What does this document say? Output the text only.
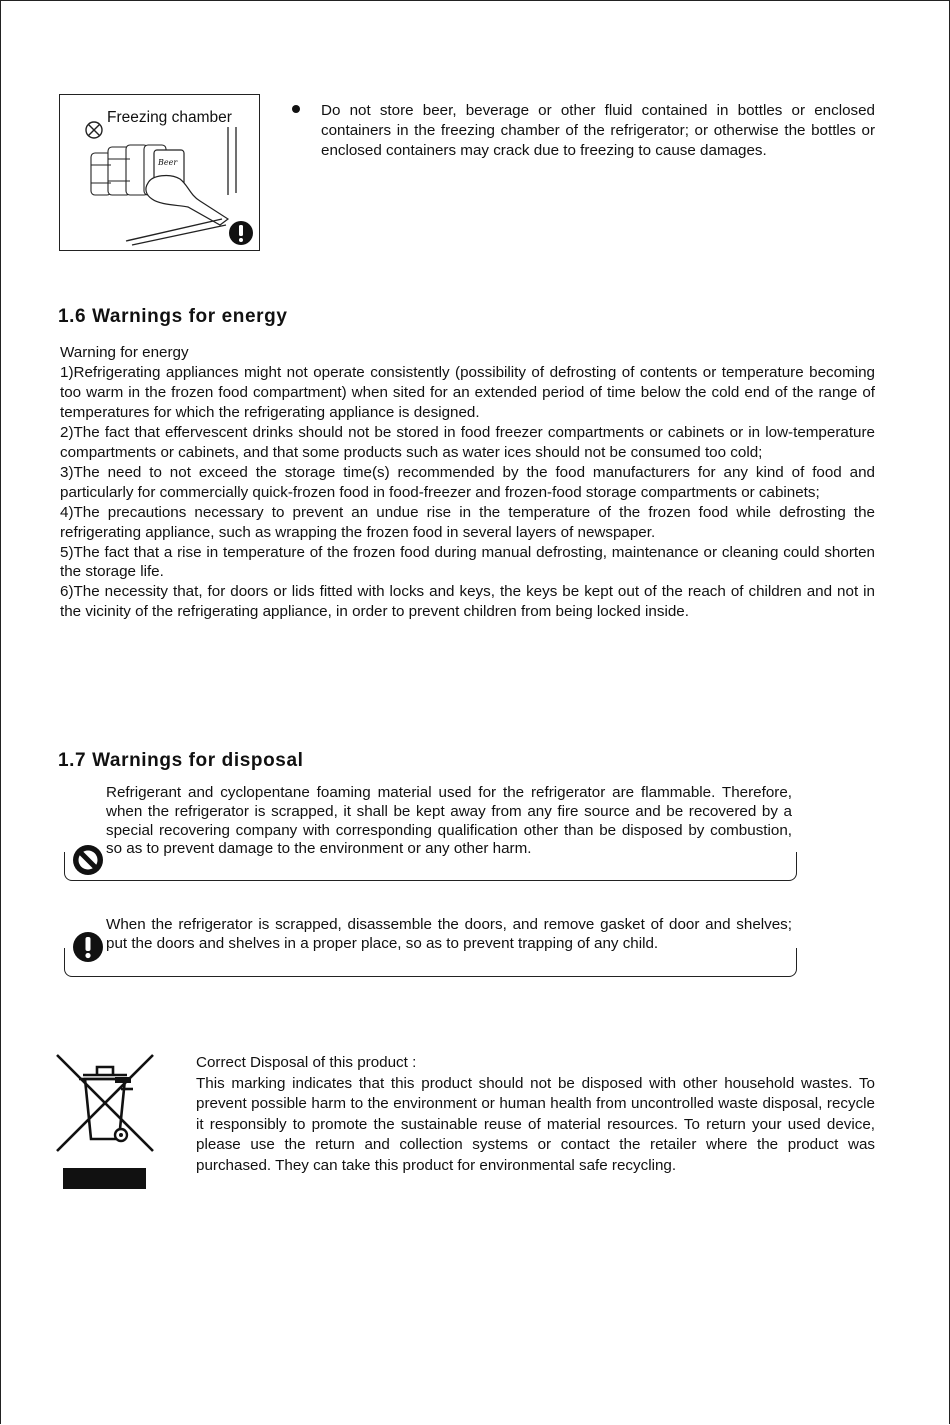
Freezing chamber
Beer

Do not store beer, beverage or other fluid contained in bottles or enclosed containers in the freezing chamber of the refrigerator; or otherwise the bottles or enclosed containers may crack due to freezing to cause damages.

1.6 Warnings for energy

Warning for energy

1)Refrigerating appliances might not operate consistently (possibility of defrosting of contents or temperature becoming too warm in the frozen food compartment) when sited for an extended period of time below the cold end of the range of temperatures for which the refrigerating appliance is designed.

2)The fact that effervescent drinks should not be stored in food freezer compartments or cabinets or in low-temperature compartments or cabinets, and that some products such as water ices should not be consumed too cold;

3)The need to not exceed the storage time(s) recommended by the food manufacturers for any kind of food and particularly for commercially quick-frozen food in food-freezer and frozen-food storage compartments or cabinets;

4)The precautions necessary to prevent an undue rise in the temperature of the frozen food while defrosting the refrigerating appliance, such as wrapping the frozen food in several layers of newspaper.

5)The fact that a rise in temperature of the frozen food during manual defrosting, maintenance or cleaning could shorten the storage life.

6)The necessity that, for doors or lids fitted with locks and keys, the keys be kept out of the reach of children and not in the vicinity of the refrigerating appliance, in order to prevent children from being locked inside.

1.7 Warnings for disposal

Refrigerant and cyclopentane foaming material used for the refrigerator are flammable. Therefore, when the refrigerator is scrapped, it shall be kept away from any fire source and be recovered by a special recovering company with corresponding qualification other than be disposed by combustion, so as to prevent damage to the environment or any other harm.

When the refrigerator is scrapped, disassemble the doors, and remove gasket of door and shelves; put the doors and shelves in a proper place, so as to prevent trapping of any child.

Correct Disposal of this product :

This marking indicates that this product should not be disposed with other household wastes. To prevent possible harm to the environment or human health from uncontrolled waste disposal, recycle it responsibly to promote the sustainable reuse of material resources. To return your used device, please use the return and collection systems or contact the retailer where the product was purchased. They can take this product for environmental safe recycling.
